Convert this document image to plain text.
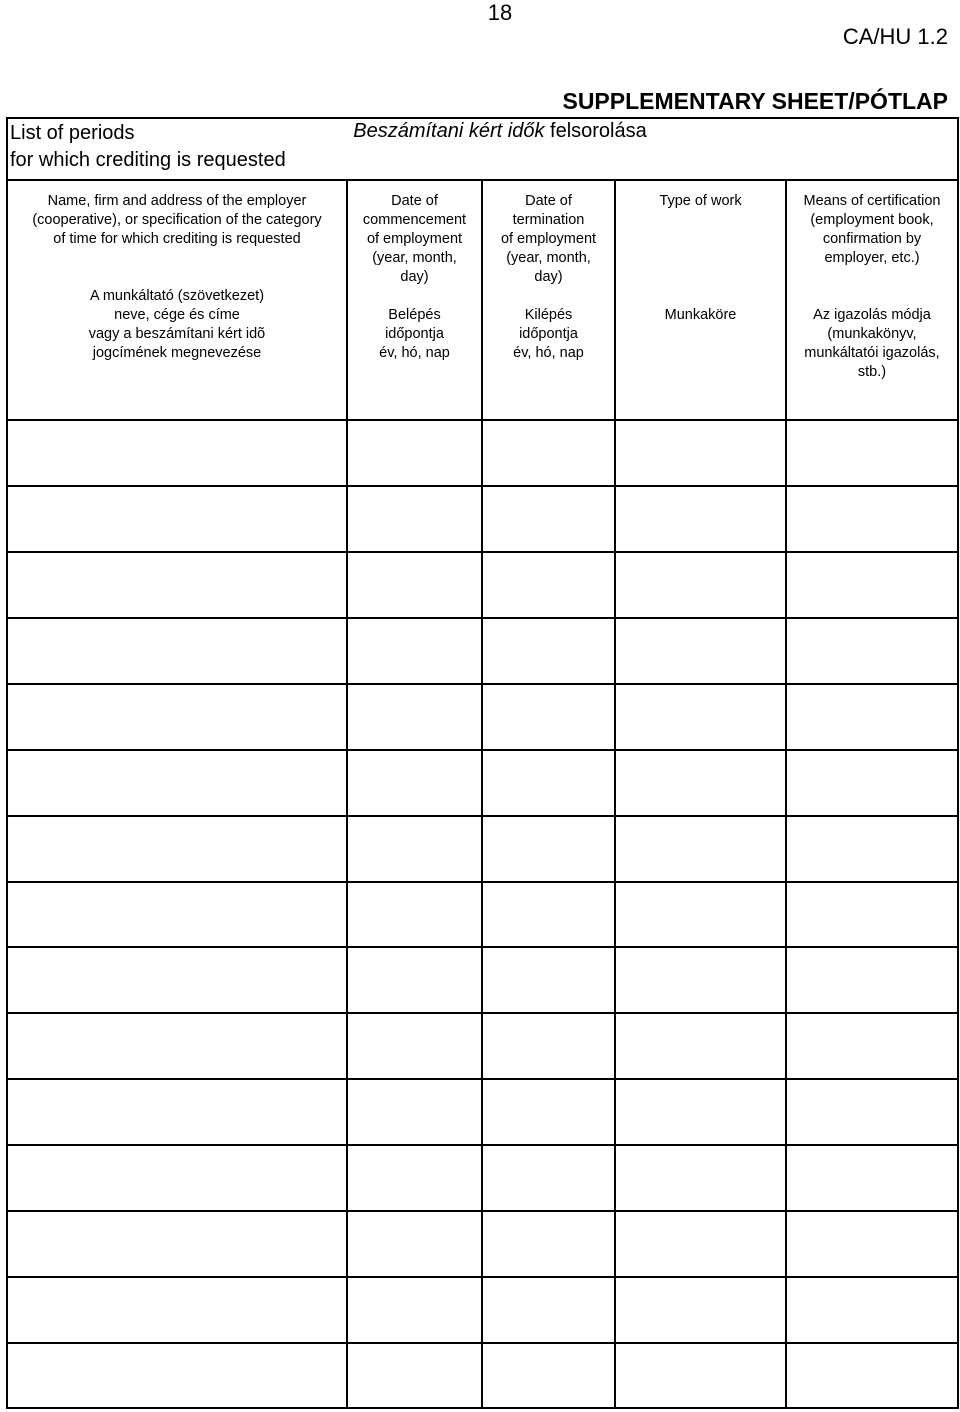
18
CA/HU 1.2
SUPPLEMENTARY SHEET/PÓTLAP
List of periods
for which crediting is requested
Beszámítani kért idők felsorolása

Name, firm and address of the employer

(cooperative), or specification of the category

of time for which crediting is requested

A munkáltató (szövetkezet)

neve, cége és címe

vagy a beszámítani kért idõ

jogcímének megnevezése

Date of

commencement

of employment

(year, month,

day)

Belépés

időpontja

év, hó, nap

Date of

termination

of employment

(year, month,

day)

Kilépés

időpontja

év, hó, nap

Type of work

Munkaköre

Means of certification

(employment book,

confirmation by

employer, etc.)

Az igazolás módja

(munkakönyv,

munkáltatói igazolás,

stb.)
